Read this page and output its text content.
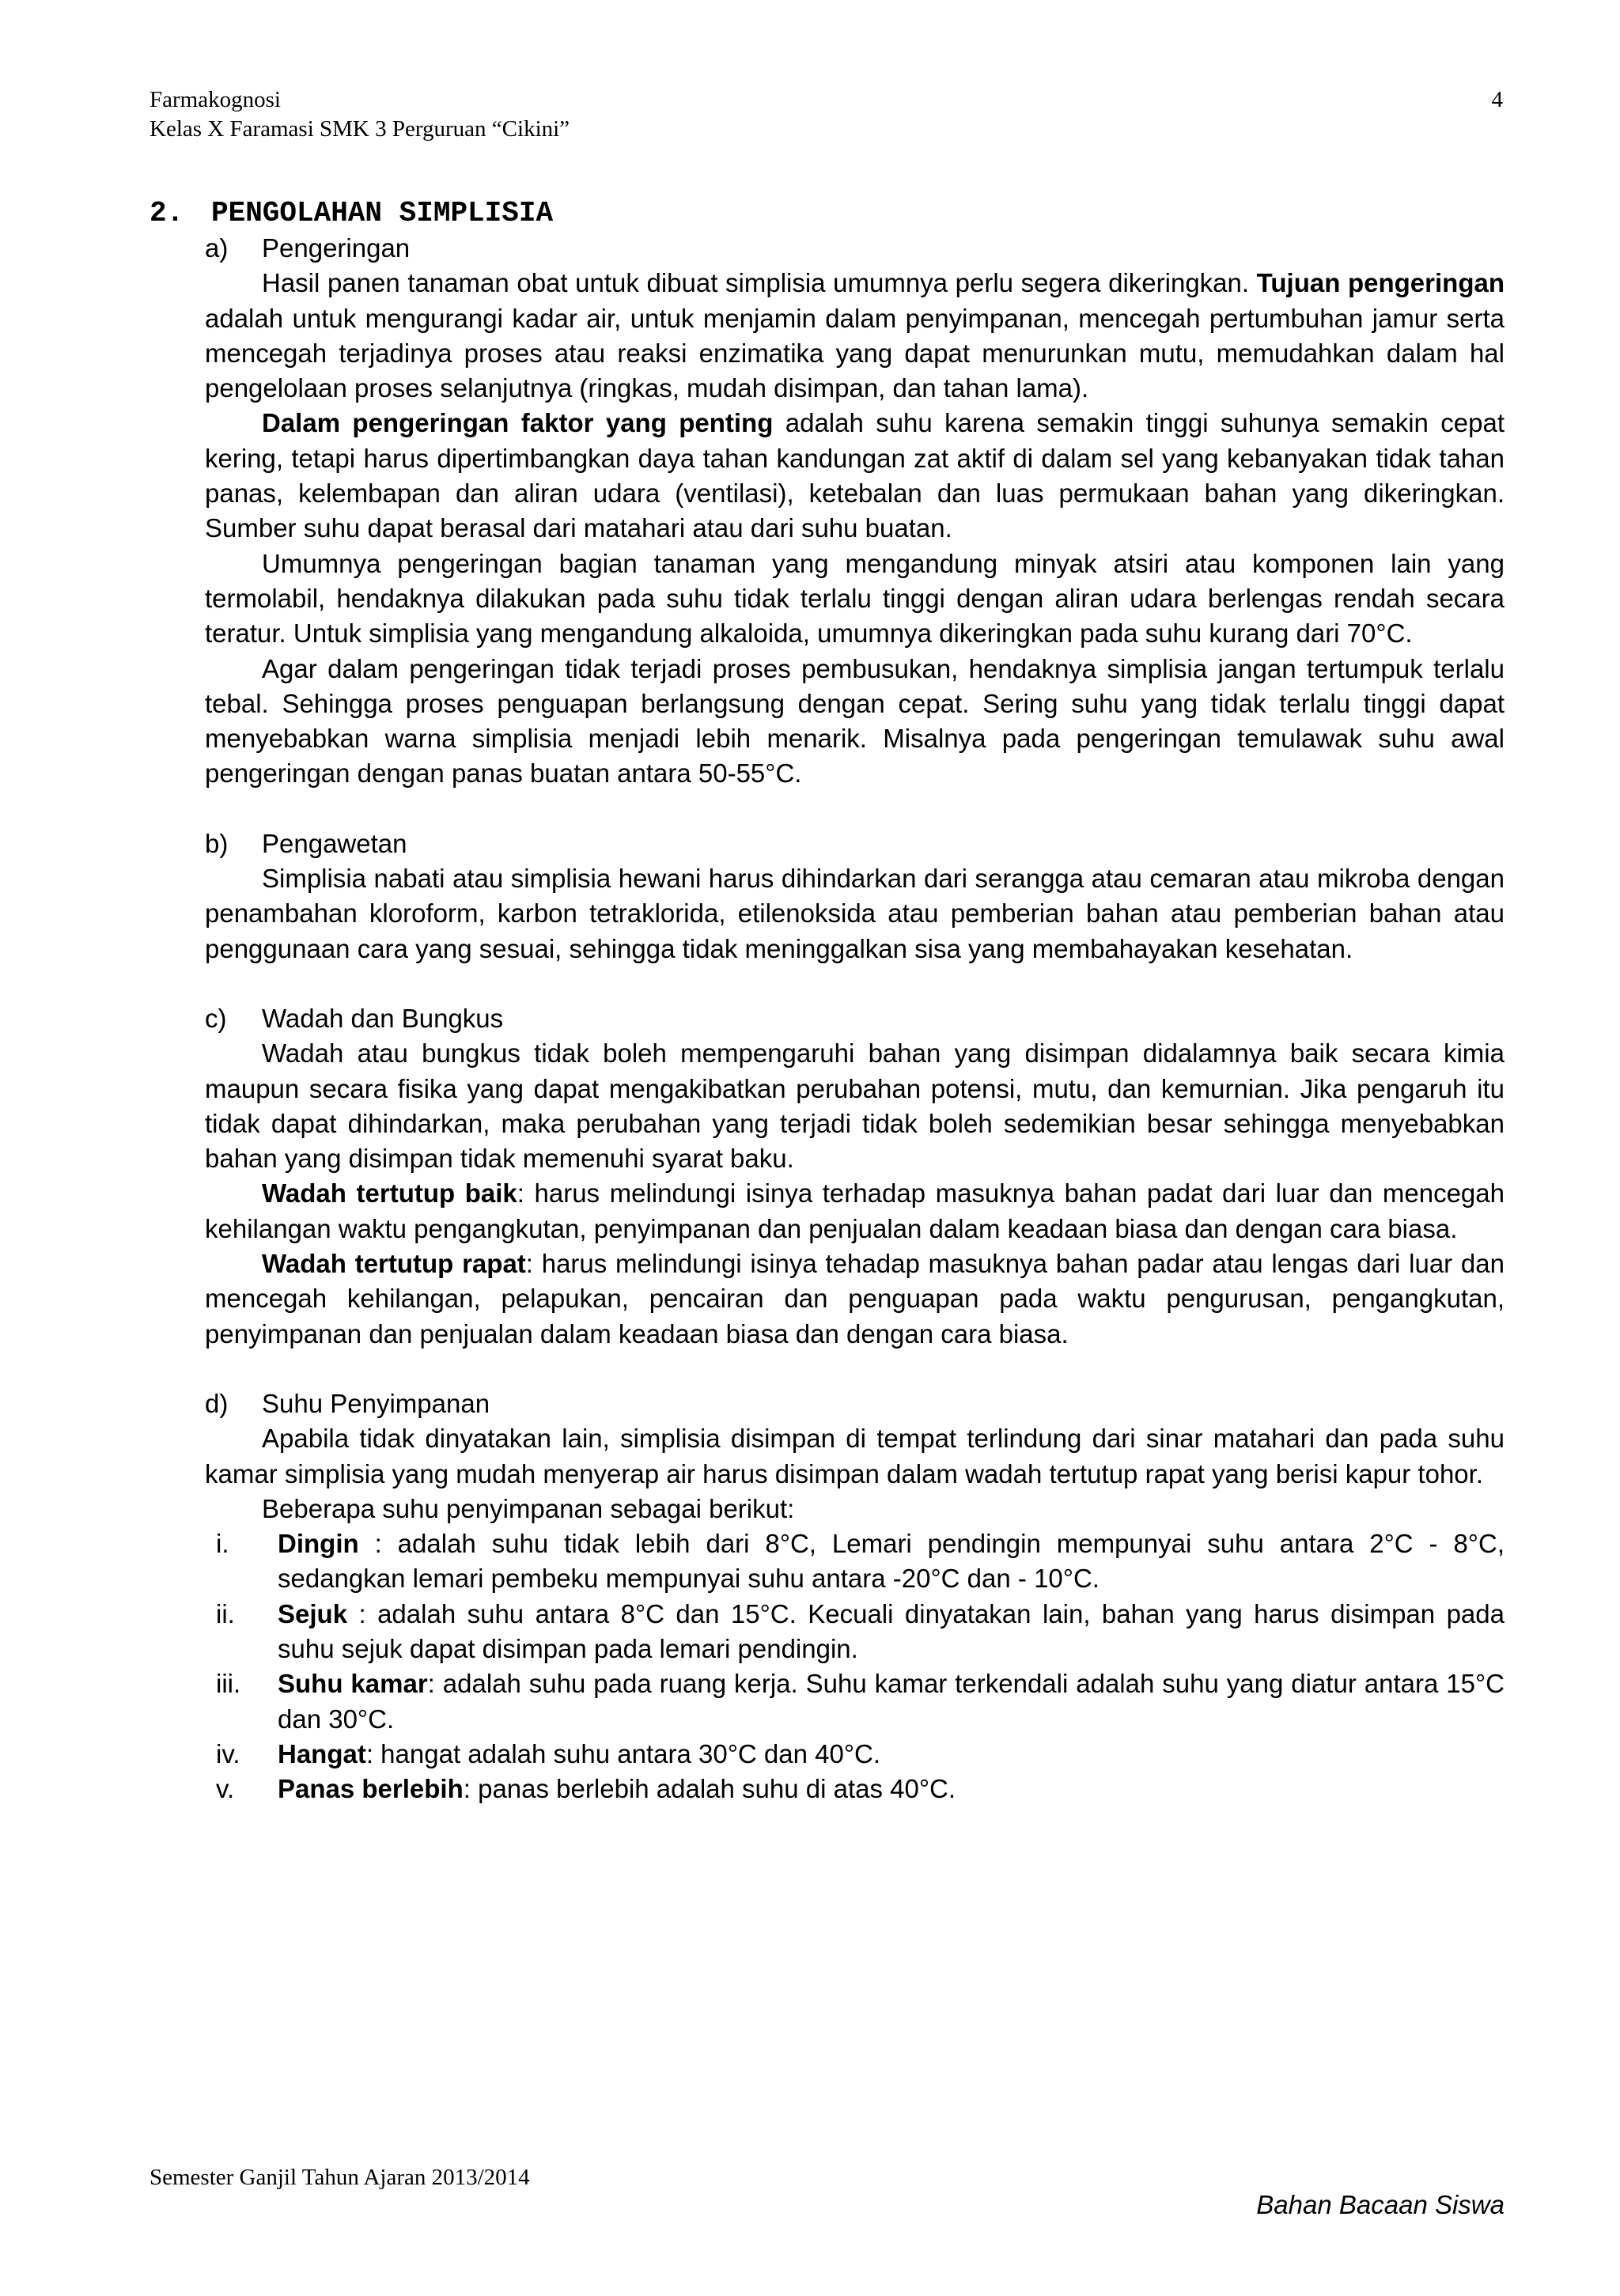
Farmakognosi
Kelas X Faramasi SMK 3 Perguruan “Cikini”
4
2. PENGOLAHAN SIMPLISIA
a)	Pengeringan

Hasil panen tanaman obat untuk dibuat simplisia umumnya perlu segera dikeringkan. Tujuan pengeringan adalah untuk mengurangi kadar air, untuk menjamin dalam penyimpanan, mencegah pertumbuhan jamur serta mencegah terjadinya proses atau reaksi enzimatika yang dapat menurunkan mutu, memudahkan dalam hal pengelolaan proses selanjutnya (ringkas, mudah disimpan, dan tahan lama).

Dalam pengeringan faktor yang penting adalah suhu karena semakin tinggi suhunya semakin cepat kering, tetapi harus dipertimbangkan daya tahan kandungan zat aktif di dalam sel yang kebanyakan tidak tahan panas, kelembapan dan aliran udara (ventilasi), ketebalan dan luas permukaan bahan yang dikeringkan. Sumber suhu dapat berasal dari matahari atau dari suhu buatan.

Umumnya pengeringan bagian tanaman yang mengandung minyak atsiri atau komponen lain yang termolabil, hendaknya dilakukan pada suhu tidak terlalu tinggi dengan aliran udara berlengas rendah secara teratur. Untuk simplisia yang mengandung alkaloida, umumnya dikeringkan pada suhu kurang dari 70°C.

Agar dalam pengeringan tidak terjadi proses pembusukan, hendaknya simplisia jangan tertumpuk terlalu tebal. Sehingga proses penguapan berlangsung dengan cepat. Sering suhu yang tidak terlalu tinggi dapat menyebabkan warna simplisia menjadi lebih menarik. Misalnya pada pengeringan temulawak suhu awal pengeringan dengan panas buatan antara 50-55°C.

b)	Pengawetan

Simplisia nabati atau simplisia hewani harus dihindarkan dari serangga atau cemaran atau mikroba dengan penambahan kloroform, karbon tetraklorida, etilenoksida atau pemberian bahan atau pemberian bahan atau penggunaan cara yang sesuai, sehingga tidak meninggalkan sisa yang membahayakan kesehatan.

c)	Wadah dan Bungkus

Wadah atau bungkus tidak boleh mempengaruhi bahan yang disimpan didalamnya baik secara kimia maupun secara fisika yang dapat mengakibatkan perubahan potensi, mutu, dan kemurnian. Jika pengaruh itu tidak dapat dihindarkan, maka perubahan yang terjadi tidak boleh sedemikian besar sehingga menyebabkan bahan yang disimpan tidak memenuhi syarat baku.

Wadah tertutup baik: harus melindungi isinya terhadap masuknya bahan padat dari luar dan mencegah kehilangan waktu pengangkutan, penyimpanan dan penjualan dalam keadaan biasa dan dengan cara biasa.

Wadah tertutup rapat: harus melindungi isinya tehadap masuknya bahan padar atau lengas dari luar dan mencegah kehilangan, pelapukan, pencairan dan penguapan pada waktu pengurusan, pengangkutan, penyimpanan dan penjualan dalam keadaan biasa dan dengan cara biasa.

d)	Suhu Penyimpanan

Apabila tidak dinyatakan lain, simplisia disimpan di tempat terlindung dari sinar matahari dan pada suhu kamar simplisia yang mudah menyerap air harus disimpan dalam wadah tertutup rapat yang berisi kapur tohor.

Beberapa suhu penyimpanan sebagai berikut:

i.	Dingin : adalah suhu tidak lebih dari 8°C, Lemari pendingin mempunyai suhu antara 2°C - 8°C, sedangkan lemari pembeku mempunyai suhu antara -20°C dan - 10°C.
ii.	Sejuk : adalah suhu antara 8°C dan 15°C. Kecuali dinyatakan lain, bahan yang harus disimpan pada suhu sejuk dapat disimpan pada lemari pendingin.
iii.	Suhu kamar: adalah suhu pada ruang kerja. Suhu kamar terkendali adalah suhu yang diatur antara 15°C dan 30°C.
iv.	Hangat: hangat adalah suhu antara 30°C dan 40°C.
v.	Panas berlebih: panas berlebih adalah suhu di atas 40°C.
Semester Ganjil Tahun Ajaran 2013/2014
Bahan Bacaan Siswa
